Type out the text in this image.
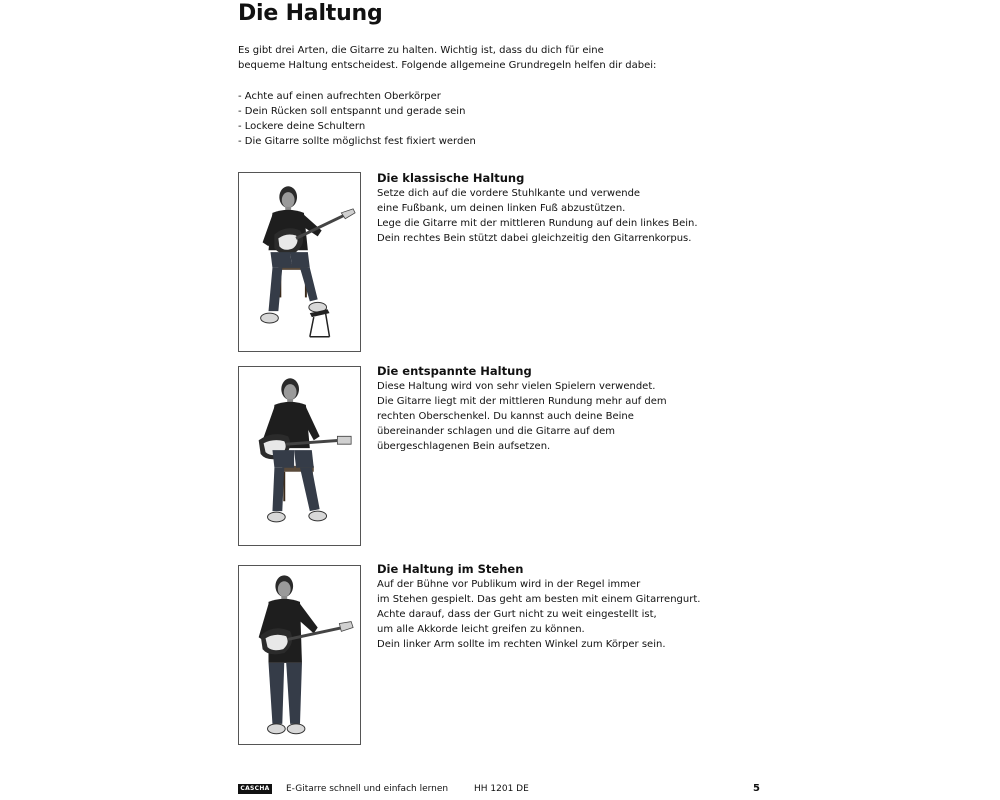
Die Haltung

Es gibt drei Arten, die Gitarre zu halten. Wichtig ist, dass du dich für eine

bequeme Haltung entscheidest. Folgende allgemeine Grundregeln helfen dir dabei:

- Achte auf einen aufrechten Oberkörper
- Dein Rücken soll entspannt und gerade sein
- Lockere deine Schultern
- Die Gitarre sollte möglichst fest fixiert werden
Die klassische Haltung
Setze dich auf die vordere Stuhlkante und verwende
eine Fußbank, um deinen linken Fuß abzustützen.
Lege die Gitarre mit der mittleren Rundung auf dein linkes Bein.
Dein rechtes Bein stützt dabei gleichzeitig den Gitarrenkorpus.
Die entspannte Haltung
Diese Haltung wird von sehr vielen Spielern verwendet.
Die Gitarre liegt mit der mittleren Rundung mehr auf dem
rechten Oberschenkel. Du kannst auch deine Beine
übereinander schlagen und die Gitarre auf dem
übergeschlagenen Bein aufsetzen.
Die Haltung im Stehen
Auf der Bühne vor Publikum wird in der Regel immer
im Stehen gespielt. Das geht am besten mit einem Gitarrengurt.
Achte darauf, dass der Gurt nicht zu weit eingestellt ist,
um alle Akkorde leicht greifen zu können.
Dein linker Arm sollte im rechten Winkel zum Körper sein.
CASCHA E-Gitarre schnell und einfach lernen	HH 1201 DE	5
